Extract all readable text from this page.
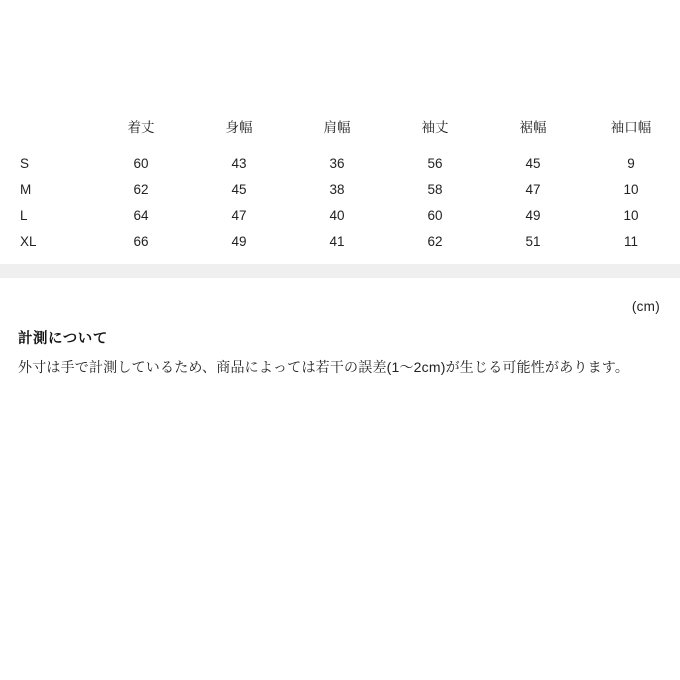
	着丈	身幅	肩幅	袖丈	裾幅	袖口幅
S	60	43	36	56	45	9
M	62	45	38	58	47	10
L	64	47	40	60	49	10
XL	66	49	41	62	51	11
(cm)
計測について
外寸は手で計測しているため、商品によっては若干の誤差(1〜2cm)が生じる可能性があります。
